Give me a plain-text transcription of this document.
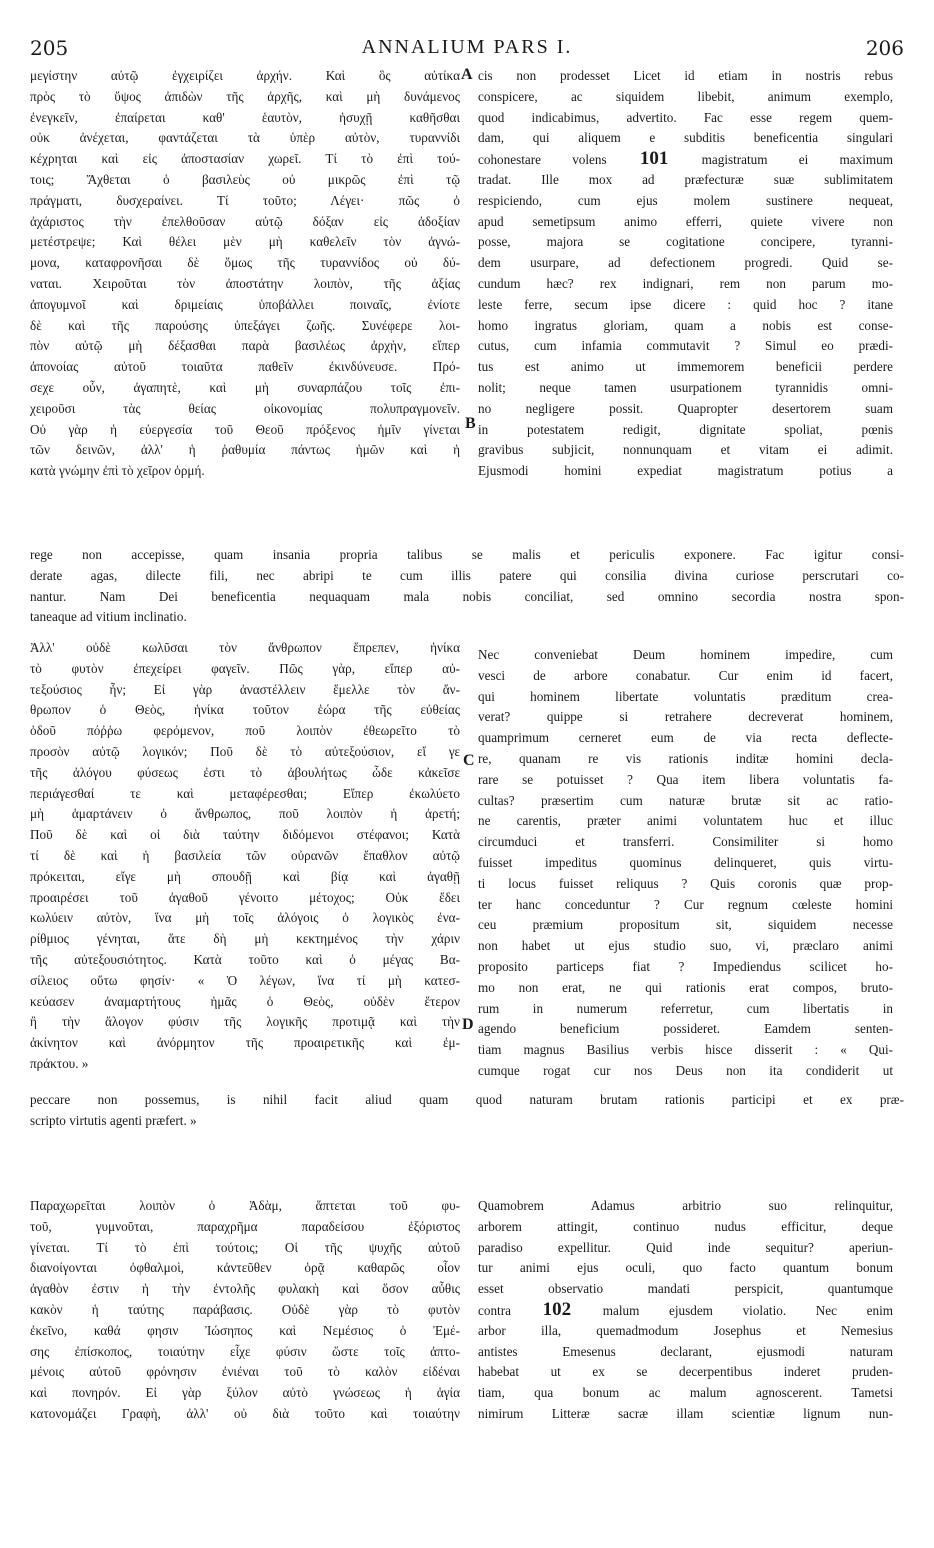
205	ANNALIUM PARS I.	206
μεγίστην αὐτῷ ἐγχειρίζει ἀρχήν. Καὶ ὃς αὐτίκα
πρὸς τὸ ὕψος ἀπιδὼν τῆς ἀρχῆς, καὶ μὴ δυνάμενος
ἐνεγκεῖν, ἐπαίρεται καθ' ἑαυτὸν, ἡσυχῇ καθῆσθαι
οὐκ ἀνέχεται, φαντάζεται τὰ ὑπὲρ αὐτὸν, τυραννίδι
κέχρηται καὶ εἰς ἀποστασίαν χωρεῖ. Τί τὸ ἐπὶ τού-
τοις; Ἄχθεται ὁ βασιλεὺς οὐ μικρῶς ἐπὶ τῷ
πράγματι, δυσχεραίνει. Τί τοῦτο; Λέγει· πῶς ὁ
ἀχάριστος τὴν ἐπελθοῦσαν αὐτῷ δόξαν εἰς ἀδοξίαν
μετέστρεψε; Καὶ θέλει μὲν μὴ καθελεῖν τὸν ἀγνώ-
μονα, καταφρονῆσαι δὲ ὅμως τῆς τυραννίδος οὐ δύ-
ναται. Χειροῦται τὸν ἀποστάτην λοιπὸν, τῆς ἀξίας
ἀπογυμνοῖ καὶ δριμείαις ὑποβάλλει ποιναῖς, ἐνίοτε
δὲ καὶ τῆς παρούσης ὑπεξάγει ζωῆς. Συνέφερε λοι-
πὸν αὐτῷ μὴ δέξασθαι παρὰ βασιλέως ἀρχὴν, εἴπερ
ἀπονοίας αὐτοῦ τοιαῦτα παθεῖν ἐκινδύνευσε. Πρό-
σεχε οὖν, ἀγαπητὲ, καὶ μὴ συναρπάζου τοῖς ἐπι-
χειροῦσι τὰς θείας οἰκονομίας πολυπραγμονεῖν.
Οὐ γὰρ ἡ εὐεργεσία τοῦ Θεοῦ πρόξενος ἡμῖν γίνεται
τῶν δεινῶν, ἀλλ' ἡ ῥαθυμία πάντως ἡμῶν καὶ ἡ
κατὰ γνώμην ἐπὶ τὸ χεῖρον ὁρμή.
cis non prodesset Licet id etiam in nostris rebus
conspicere, ac siquidem libebit, animum exemplo,
quod indicabimus, advertito. Fac esse regem quem-
dam, qui aliquem e subditis beneficentia singulari
cohonestare volens 101	magistratum ei maximum
tradat. Ille mox ad præfecturæ suæ sublimitatem
respiciendo, cum ejus molem sustinere nequeat,
apud semetipsum animo efferri, quiete vivere non
posse, majora se cogitatione concipere, tyranni-
dem usurpare, ad defectionem progredi. Quid se-
cundum hæc? rex indignari, rem non parum mo-
leste ferre, secum ipse dicere : quid hoc ? itane
homo ingratus gloriam, quam a nobis est conse-
cutus, cum infamia commutavit ? Simul eo prædi-
tus est animo ut immemorem beneficii perdere
nolit; neque tamen usurpationem tyrannidis omni-
no negligere possit. Quapropter desertorem suam
in potestatem redigit, dignitate spoliat, pœnis
gravibus subjicit, nonnunquam et vitam ei adimit.
Ejusmodi homini expediat magistratum potius a
rege non accepisse, quam insania propria talibus se malis et periculis exponere. Fac igitur consi-
derate agas, dilecte fili, nec abripi te cum illis patere qui consilia divina curiose perscrutari co-
nantur. Nam Dei beneficentia nequaquam mala nobis conciliat, sed omnino secordia nostra spon-
taneaque ad vitium inclinatio.
Ἀλλ' οὐδὲ κωλῦσαι τὸν ἄνθρωπον ἔπρεπεν, ἡνίκα
τὸ φυτὸν ἐπεχείρει φαγεῖν. Πῶς γὰρ, εἴπερ αὐ-
τεξούσιος ἦν; Εἰ γὰρ ἀναστέλλειν ἔμελλε τὸν ἄν-
θρωπον ὁ Θεὸς, ἡνίκα τοῦτον ἑώρα τῆς εὐθείας
ὁδοῦ πόῤῥω φερόμενον, ποῦ λοιπὸν ἐθεωρεῖτο τὸ
προσὸν αὐτῷ λογικόν; Ποῦ δὲ τὸ αὐτεξούσιον, εἴ γε
τῆς ἀλόγου φύσεως ἐστι τὸ ἀβουλήτως ὧδε κἀκεῖσε
περιάγεσθαί τε καὶ μεταφέρεσθαι; Εἴπερ ἐκωλύετο
μὴ ἁμαρτάνειν ὁ ἄνθρωπος, ποῦ λοιπὸν ἡ ἀρετή;
Ποῦ δὲ καὶ οἱ διὰ ταύτην διδόμενοι στέφανοι; Κατὰ
τί δὲ καὶ ἡ βασιλεία τῶν οὐρανῶν ἔπαθλον αὐτῷ
πρόκειται, εἴγε μὴ σπουδῇ καὶ βίᾳ καὶ ἀγαθῇ
προαιρέσει τοῦ ἀγαθοῦ γένοιτο μέτοχος; Οὐκ ἔδει
κωλύειν αὐτὸν, ἵνα μὴ τοῖς ἀλόγοις ὁ λογικὸς ἐνα-
ρίθμιος γένηται, ἅτε δὴ μὴ κεκτημένος τὴν χάριν
τῆς αὐτεξουσιότητος. Κατὰ τοῦτο καὶ ὁ μέγας Βα-
σίλειος οὕτω φησίν· « Ὁ λέγων, ἵνα τί μὴ κατεσ-
κεύασεν ἀναμαρτήτους ἡμᾶς ὁ Θεὸς, οὐδὲν ἕτερον
ἢ τὴν ἄλογον φύσιν τῆς λογικῆς προτιμᾷ καὶ τὴν
ἀκίνητον καὶ ἀνόρμητον τῆς προαιρετικῆς καὶ ἐμ-
πράκτου. »
Nec conveniebat Deum hominem impedire, cum
vesci de arbore conabatur. Cur enim id facert,
qui hominem libertate voluntatis præditum crea-
verat? quippe si retrahere decreverat hominem,
quamprimum cerneret eum de via recta deflecte-
re, quanam re vis rationis inditæ homini decla-
rare se potuisset ? Qua item libera voluntatis fa-
cultas? præsertim cum naturæ brutæ sit ac ratio-
ne carentis, præter animi voluntatem huc et illuc
circumduci et transferri. Consimiliter si homo
fuisset impeditus quominus delinqueret, quis virtu-
ti locus fuisset reliquus ? Quis coronis quæ prop-
ter hanc conceduntur ? Cur regnum cœleste homini
ceu præmium propositum sit, siquidem necesse
non habet ut ejus studio suo, vi, præclaro animi
proposito particeps fiat ? Impediendus scilicet ho-
mo non erat, ne qui rationis erat compos, bruto-
rum in numerum referretur, cum libertatis in
agendo beneficium possideret. Eamdem senten-
tiam magnus Basilius verbis hisce disserit : « Qui-
cumque rogat cur nos Deus non ita condiderit ut
peccare non possemus, is nihil facit aliud quam quod naturam brutam rationis participi et ex præ-
scripto virtutis agenti præfert. »
Παραχωρεῖται λοιπὸν ὁ Ἀδὰμ, ἅπτεται τοῦ φυ-
τοῦ, γυμνοῦται, παραχρῆμα παραδείσου ἐξόριστος
γίνεται. Τί τὸ ἐπὶ τούτοις; Οἱ τῆς ψυχῆς αὐτοῦ
διανοίγονται ὀφθαλμοὶ, κἀντεῦθεν ὁρᾷ καθαρῶς οἷον
ἀγαθὸν ἐστιν ἡ τὴν ἐντολῆς φυλακὴ καὶ ὅσον αὖθις
κακὸν ἡ ταύτης παράβασις. Οὐδὲ γὰρ τὸ φυτὸν
ἐκεῖνο, καθά φησιν Ἰώσηπος καὶ Νεμέσιος ὁ Ἐμέ-
σης ἐπίσκοπος, τοιαύτην εἶχε φύσιν ὥστε τοῖς ἀπτο-
μένοις αὐτοῦ φρόνησιν ἐνιέναι τοῦ τὸ καλὸν εἰδέναι
καὶ πονηρόν. Εἰ γὰρ ξύλον αὐτὸ γνώσεως ἡ ἁγία
κατονομάζει Γραφὴ, ἀλλ' οὐ διὰ τοῦτο καὶ τοιαύτην
Quamobrem Adamus arbitrio suo relinquitur,
arborem attingit, continuo nudus efficitur, deque
paradiso expellitur. Quid inde sequitur? aperiun-
tur animi ejus oculi, quo facto quantum bonum
esset observatio mandati perspicit, quantumque
contra 102 malum ejusdem violatio. Nec enim
arbor illa, quemadmodum Josephus et Nemesius
antistes Emesenus declarant, ejusmodi naturam
habebat ut ex se decerpentibus inderet pruden-
tiam, qua bonum ac malum agnoscerent. Tametsi
nimirum Litteræ sacræ illam scientiæ lignum nun-
A
B
C
D
